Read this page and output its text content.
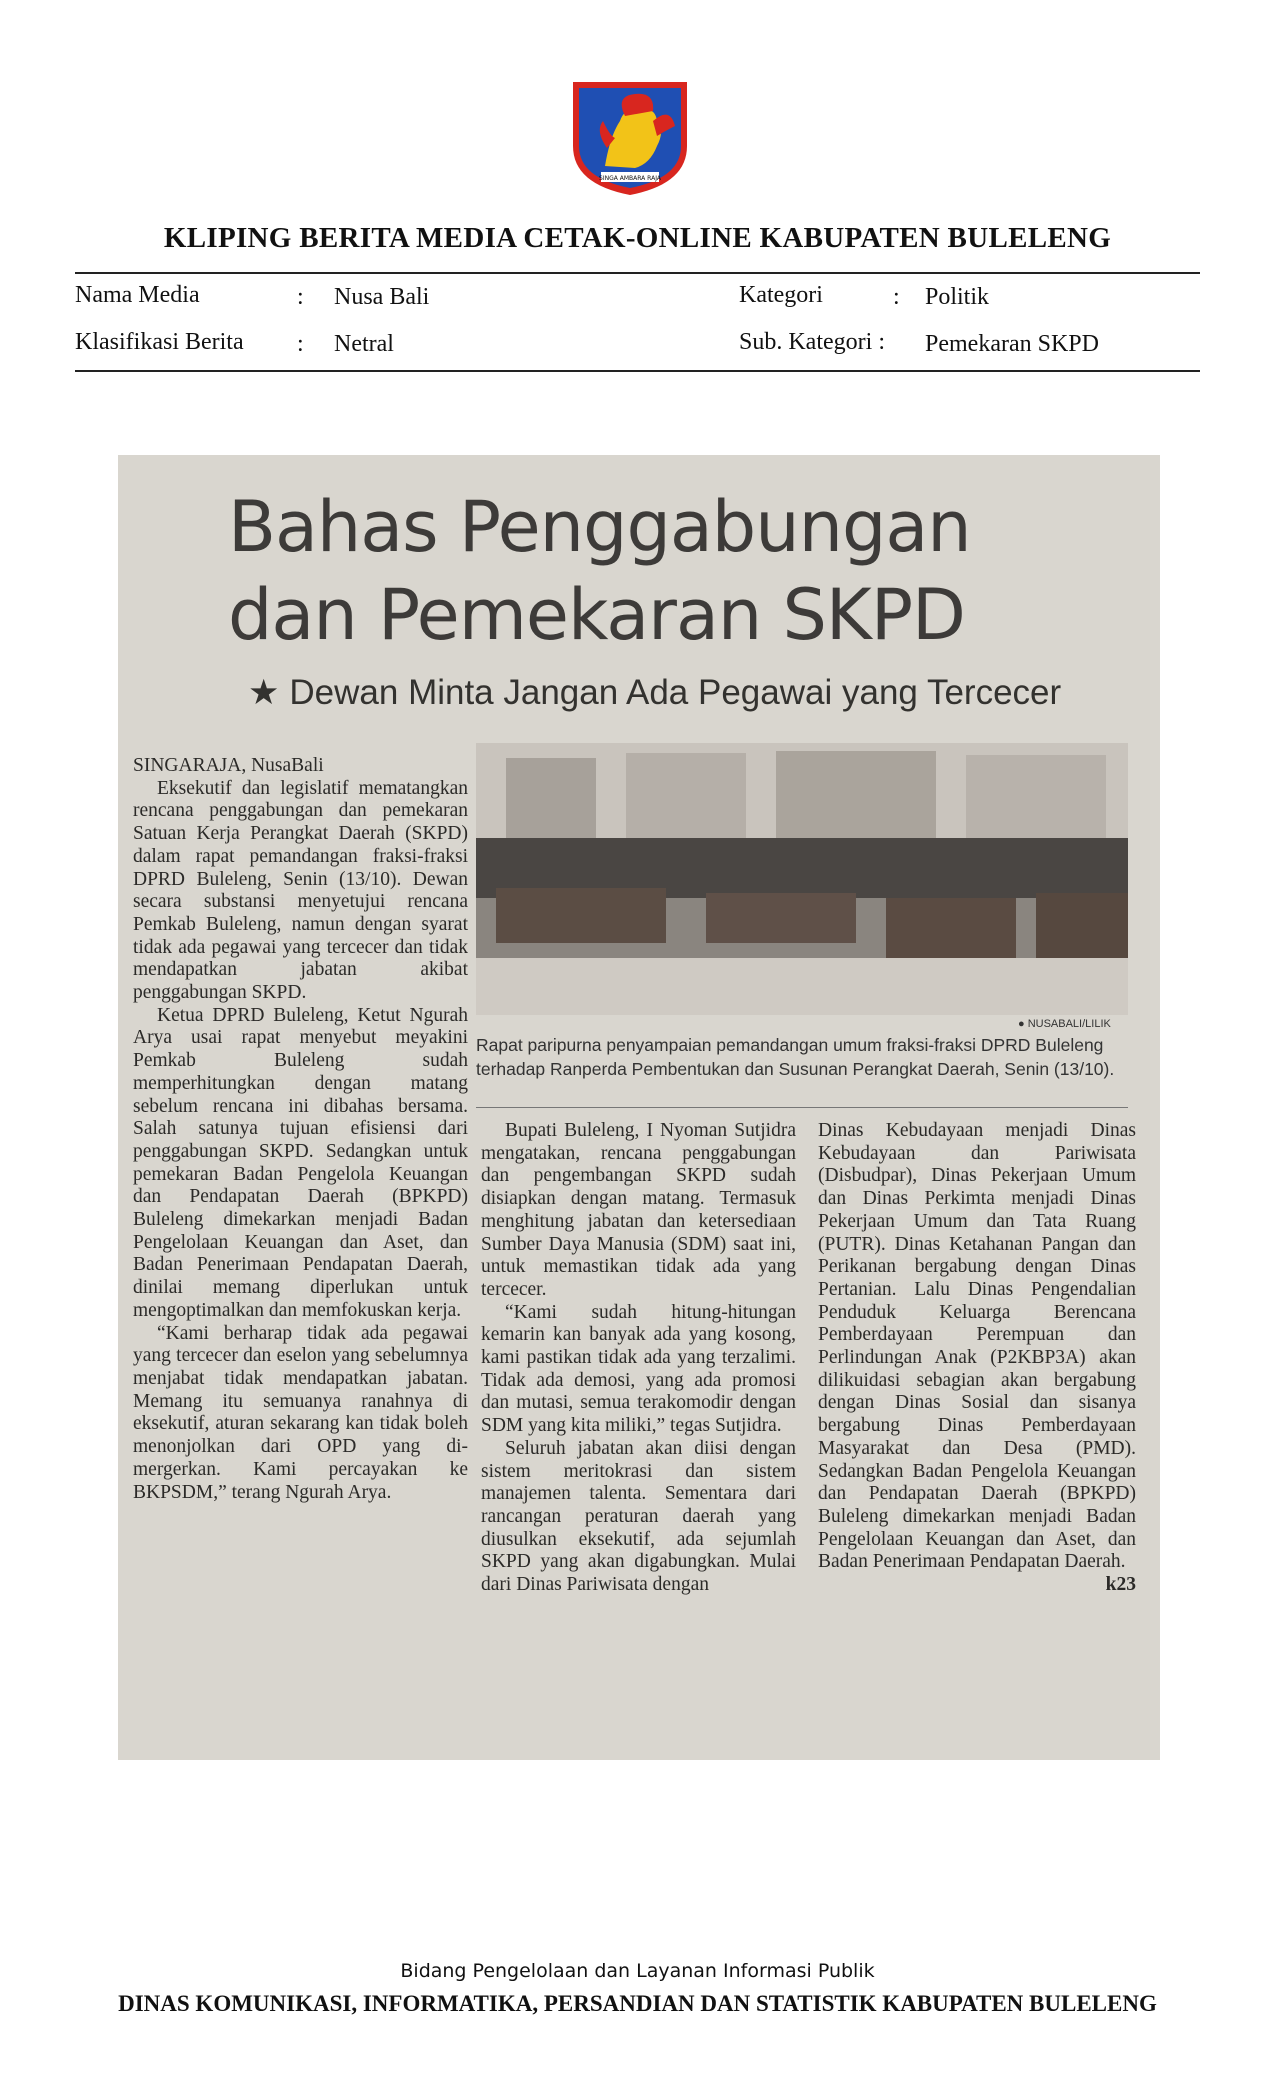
SINGA AMBARA RAJA
KLIPING BERITA MEDIA CETAK-ONLINE KABUPATEN BULELENG
Nama Media	: Nusa Bali	Kategori	: Politik
Klasifikasi Berita : Netral	Sub. Kategori : Pemekaran SKPD
Bahas Penggabungan
dan Pemekaran SKPD
★ Dewan Minta Jangan Ada Pegawai yang Tercecer
● NUSABALI/LILIK
Rapat paripurna penyampaian pemandangan umum fraksi-fraksi DPRD Buleleng terhadap Ranperda Pembentukan dan Susunan Perangkat Daerah, Senin (13/10).
SINGARAJA, NusaBali

Eksekutif dan legislatif mematangkan rencana penggabungan dan pemekaran Satuan Kerja Perangkat Daerah (SKPD) dalam rapat pemandangan fraksi-fraksi DPRD Buleleng, Senin (13/10). Dewan secara substansi menyetujui rencana Pemkab Buleleng, namun dengan syarat tidak ada pegawai yang tercecer dan tidak mendapatkan jabatan akibat penggabungan SKPD.

Ketua DPRD Buleleng, Ketut Ngurah Arya usai rapat menyebut meyakini Pemkab Buleleng sudah memperhitungkan dengan matang sebelum rencana ini dibahas bersama. Salah satunya tujuan efisiensi dari penggabungan SKPD. Sedangkan untuk pemekaran Badan Pengelola Keuangan dan Pendapatan Daerah (BPKPD) Buleleng dimekarkan menjadi Badan Pengelolaan Keuangan dan Aset, dan Badan Penerimaan Pendapatan Daerah, dinilai memang diperlukan untuk mengoptimalkan dan memfokuskan kerja.

“Kami berharap tidak ada pegawai yang tercecer dan eselon yang sebelumnya menjabat tidak mendapatkan jabatan. Memang itu semuanya ranahnya di eksekutif, aturan sekarang kan tidak boleh menonjolkan dari OPD yang di-mergerkan. Kami percayakan ke BKPSDM,” terang Ngurah Arya.

Bupati Buleleng, I Nyoman Sutjidra mengatakan, rencana penggabungan dan pengembangan SKPD sudah disiapkan dengan matang. Termasuk menghitung jabatan dan ketersediaan Sumber Daya Manusia (SDM) saat ini, untuk memastikan tidak ada yang tercecer.

“Kami sudah hitung-hitungan kemarin kan banyak ada yang kosong, kami pastikan tidak ada yang terzalimi. Tidak ada demosi, yang ada promosi dan mutasi, semua terakomodir dengan SDM yang kita miliki,” tegas Sutjidra.

Seluruh jabatan akan diisi dengan sistem meritokrasi dan sistem manajemen talenta. Sementara dari rancangan peraturan daerah yang diusulkan eksekutif, ada sejumlah SKPD yang akan digabungkan. Mulai dari Dinas Pariwisata dengan

Dinas Kebudayaan menjadi Dinas Kebudayaan dan Pariwisata (Disbudpar), Dinas Pekerjaan Umum dan Dinas Perkimta menjadi Dinas Pekerjaan Umum dan Tata Ruang (PUTR). Dinas Ketahanan Pangan dan Perikanan bergabung dengan Dinas Pertanian. Lalu Dinas Pengendalian Penduduk Keluarga Berencana Pemberdayaan Perempuan dan Perlindungan Anak (P2KBP3A) akan dilikuidasi sebagian akan bergabung dengan Dinas Sosial dan sisanya bergabung Dinas Pemberdayaan Masyarakat dan Desa (PMD). Sedangkan Badan Pengelola Keuangan dan Pendapatan Daerah (BPKPD) Buleleng dimekarkan menjadi Badan Pengelolaan Keuangan dan Aset, dan Badan Penerimaan Pendapatan Daerah.

k23
Bidang Pengelolaan dan Layanan Informasi Publik
DINAS KOMUNIKASI, INFORMATIKA, PERSANDIAN DAN STATISTIK KABUPATEN BULELENG
